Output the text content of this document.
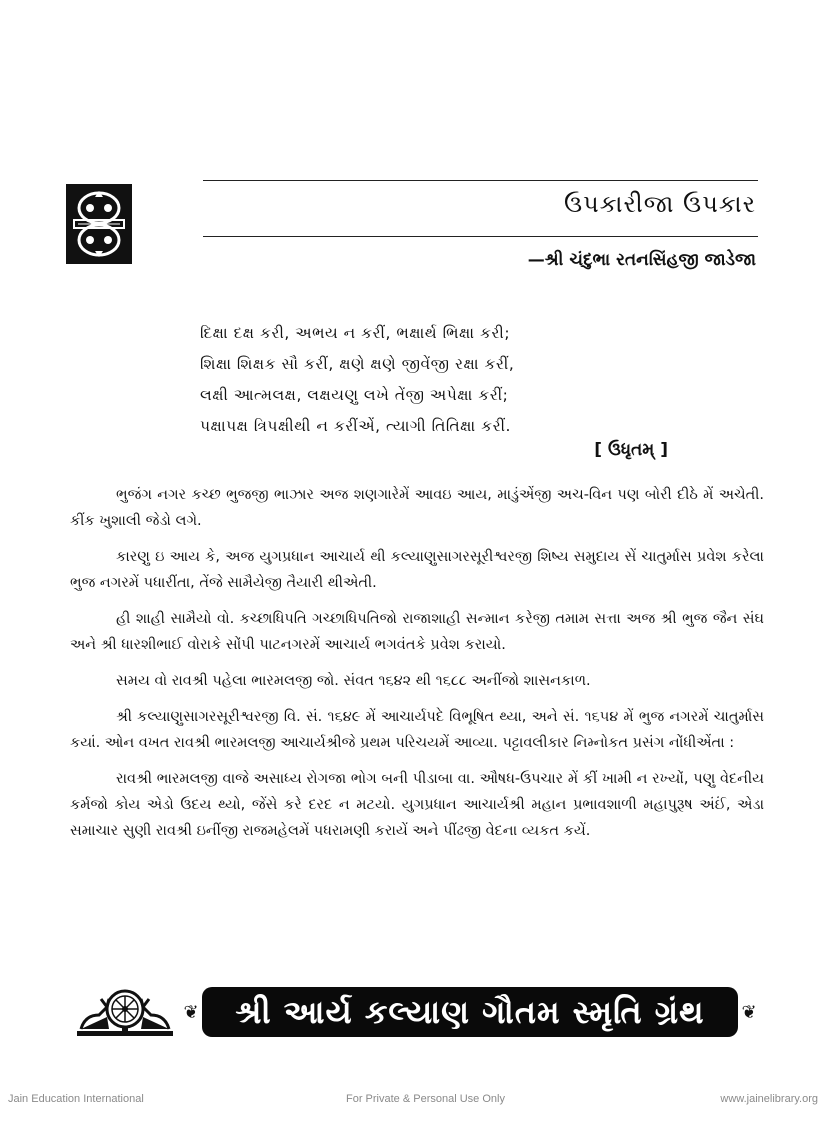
ઉપકારીજા ઉપકાર
—શ્રી ચંદુભા રતનસિંહજી જાડેજા
દિક્ષા દક્ષ કરી, અભય ન કરીં, ભક્ષાર્થ ભિક્ષા કરી;
શિક્ષા શિક્ષક સૌ કરીં, ક્ષણે ક્ષણે જીવેંજી રક્ષા કરીં,
લક્ષી આત્મલક્ષ, લક્ષયણુ લખે તેંજી અપેક્ષા કરીં;
પક્ષાપક્ષ ત્રિપક્ષીથી ન કરીંએં, ત્યાગી તિતિક્ષા કરીં.
[ ઉધૃતમ્ ]

ભુજંગ નગર કચ્છ ભુજજી ભાઝાર અજ શણગારેમેં આવઇ આય, માડુંએંજી અચ-વિન પણ બોરી દીઠે મેં અચેતી. કીંક ખુશાલી જેડો લગે.

કારણુ ઇ આય કે, અજ યુગપ્રધાન આચાર્ય થી કલ્યાણુસાગરસૂરીશ્વરજી શિષ્ય સમુદાય સેં ચાતુર્માસ પ્રવેશ કરેલા ભુજ નગરમેં પધારીંતા, તેંજે સામૈયેજી તૈયારી થીએતી.

હી શાહી સામૈયો વો. કચ્છાધિપતિ ગચ્છાધિપતિજો રાજાશાહી સન્માન કરેજી તમામ સત્તા અજ શ્રી ભુજ જૈન સંઘ અને શ્રી ધારશીભાઈ વોરાકે સોંપી પાટનગરમેં આચાર્ય ભગવંતકે પ્રવેશ કરાયો.

સમય વો રાવશ્રી પહેલા ભારમલજી જો. સંવત ૧૬૪૨ થી ૧૬૮૮ અનીંજો શાસનકાળ.

શ્રી કલ્યાણુસાગરસૂરીશ્વરજી વિ. સં. ૧૬૪૯ મેં આચાર્યપદે વિભૂષિત થ્યા, અને સં. ૧૬૫૪ મેં ભુજ નગરમેં ચાતુર્માસ કયાં. ઓન વખત રાવશ્રી ભારમલજી આચાર્યશ્રીજે પ્રથમ પરિચયમેં આવ્યા. પટ્ટાવલીકાર નિમ્નોકત પ્રસંગ નોંધીએંતા :

રાવશ્રી ભારમલજી વાજે અસાધ્ય રોગજા ભોગ બની પીડાબા વા. ઔષધ-ઉપચાર મેં કીં ખામી ન રખ્યોં, પણુ વેદનીય કર્મજો કોય એડો ઉદય થ્યો, જેંસે કરે દરદ ન મટયો. યુગપ્રધાન આચાર્યશ્રી મહાન પ્રભાવશાળી મહાપુરૂષ અંઈં, એડા સમાચાર સુણી રાવશ્રી ઇનીંજી રાજમહેલમેં પધરામણી કરાયેં અને પીંઢજી વેદના વ્યકત કયેં.

❦ શ્રી આર્ય કલ્યાણ ગૌતમ સ્મૃતિ ગ્રંથ ❦
Jain Education International	For Private & Personal Use Only	www.jainelibrary.org
